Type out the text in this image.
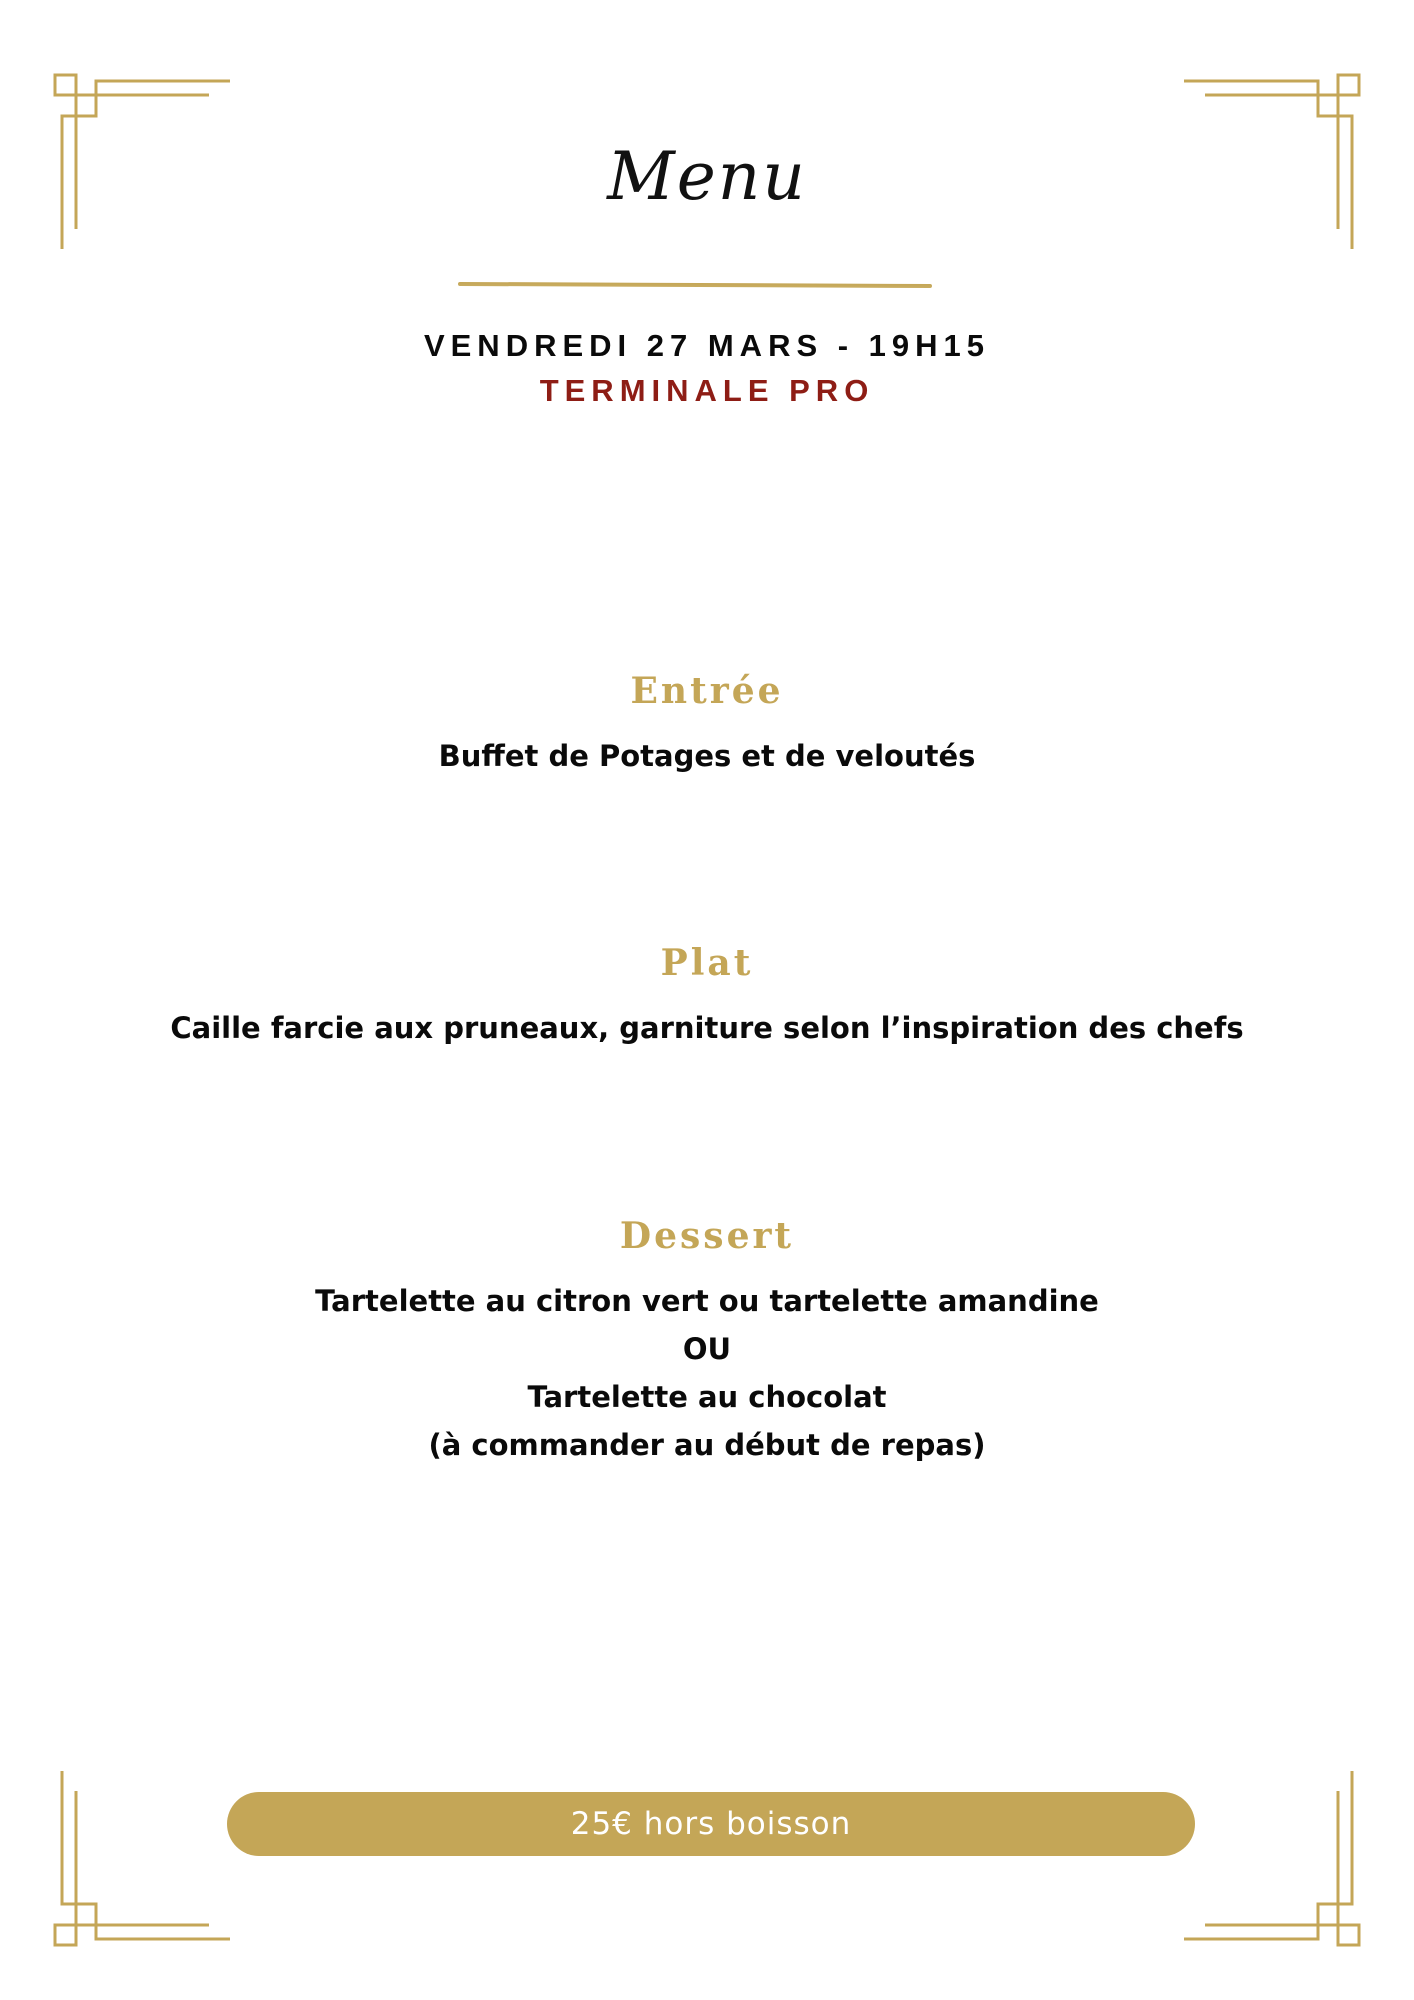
Menu
VENDREDI 27 MARS - 19H15
TERMINALE PRO
Entrée
Buffet de Potages et de veloutés
Plat
Caille farcie aux pruneaux, garniture selon l’inspiration des chefs
Dessert
Tartelette au citron vert ou tartelette amandine
OU
Tartelette au chocolat
(à commander au début de repas)
25€ hors boisson
